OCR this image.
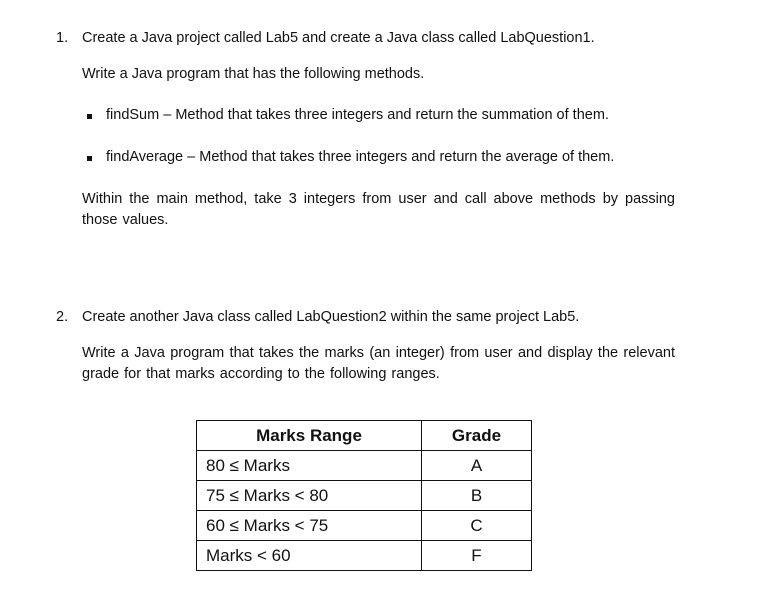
1. Create a Java project called Lab5 and create a Java class called LabQuestion1.
Write a Java program that has the following methods.
findSum – Method that takes three integers and return the summation of them.
findAverage – Method that takes three integers and return the average of them.
Within the main method, take 3 integers from user and call above methods by passing those values.
2. Create another Java class called LabQuestion2 within the same project Lab5.
Write a Java program that takes the marks (an integer) from user and display the relevant grade for that marks according to the following ranges.
Marks Range	Grade
80 ≤ Marks	A
75 ≤ Marks < 80	B
60 ≤ Marks < 75	C
Marks < 60	F
